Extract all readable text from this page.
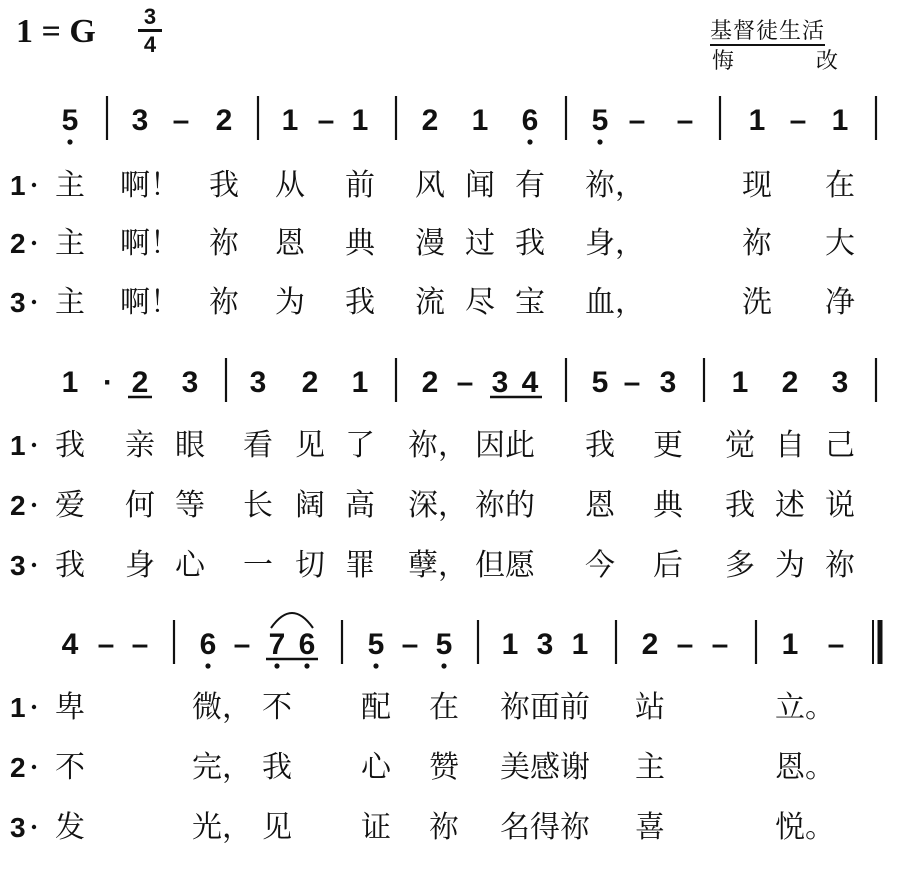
1 = G 3
4
基督徒生活
悔	改
5 3 – 2 1 – 1 2 1 6 5 – – 1 – 1
1 主 啊！ 我 从 前 风 闻 有 祢，	现 在
2 主 啊！ 祢 恩 典 漫 过 我 身，	祢 大
3 主 啊！ 祢 为 我 流 尽 宝 血，	洗 净
1 · 2 3 3 2 1 2 – 3 4 5 – 3 1 2 3
1 我 亲 眼 看 见 了 祢， 因此 我 更 觉 自 己
2 爱 何 等 长 阔 高 深， 祢的 恩 典 我 述 说
3 我 身 心 一 切 罪 孽， 但愿 今 后 多 为 祢
4 – – 6 – 7 6 5 – 5 1 3 1 2 – – 1 –
1 卑	微， 不 配 在 祢面前 站	立。
2 不	完， 我 心 赞 美感谢 主	恩。
3 发	光， 见 证 祢 名得祢 喜	悦。
